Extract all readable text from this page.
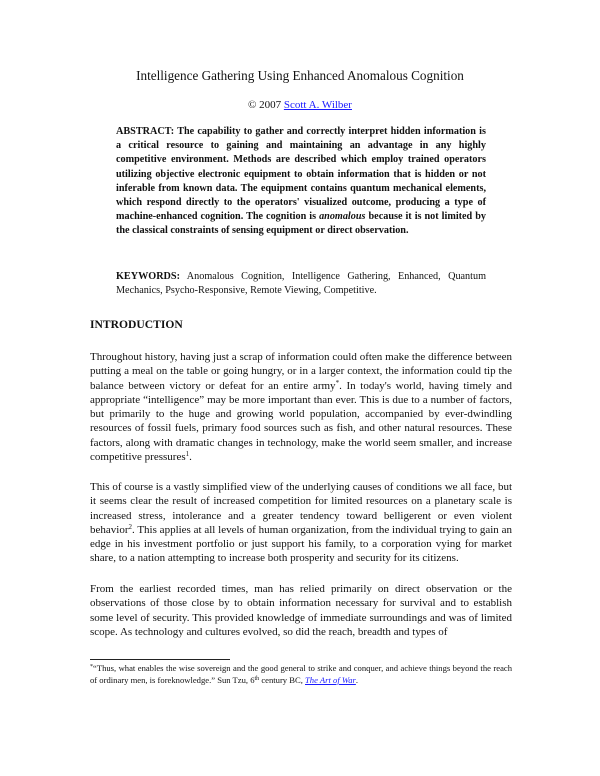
Intelligence Gathering Using Enhanced Anomalous Cognition
© 2007 Scott A. Wilber
ABSTRACT: The capability to gather and correctly interpret hidden information is a critical resource to gaining and maintaining an advantage in any highly competitive environment. Methods are described which employ trained operators utilizing objective electronic equipment to obtain information that is hidden or not inferable from known data. The equipment contains quantum mechanical elements, which respond directly to the operators' visualized outcome, producing a type of machine-enhanced cognition. The cognition is anomalous because it is not limited by the classical constraints of sensing equipment or direct observation.
KEYWORDS: Anomalous Cognition, Intelligence Gathering, Enhanced, Quantum Mechanics, Psycho-Responsive, Remote Viewing, Competitive.
INTRODUCTION

Throughout history, having just a scrap of information could often make the difference between putting a meal on the table or going hungry, or in a larger context, the information could tip the balance between victory or defeat for an entire army*. In today's world, having timely and appropriate “intelligence” may be more important than ever. This is due to a number of factors, but primarily to the huge and growing world population, accompanied by ever-dwindling resources of fossil fuels, primary food sources such as fish, and other natural resources. These factors, along with dramatic changes in technology, make the world seem smaller, and increase competitive pressures$^1$.

This of course is a vastly simplified view of the underlying causes of conditions we all face, but it seems clear the result of increased competition for limited resources on a planetary scale is increased stress, intolerance and a greater tendency toward belligerent or even violent behavior$^2$. This applies at all levels of human organization, from the individual trying to gain an edge in his investment portfolio or just support his family, to a corporation vying for market share, to a nation attempting to increase both prosperity and security for its citizens.

From the earliest recorded times, man has relied primarily on direct observation or the observations of those close by to obtain information necessary for survival and to establish some level of security. This provided knowledge of immediate surroundings and was of limited scope. As technology and cultures evolved, so did the reach, breadth and types of

*“Thus, what enables the wise sovereign and the good general to strike and conquer, and achieve things beyond the reach of ordinary men, is foreknowledge.” Sun Tzu, 6th century BC, The Art of War.
